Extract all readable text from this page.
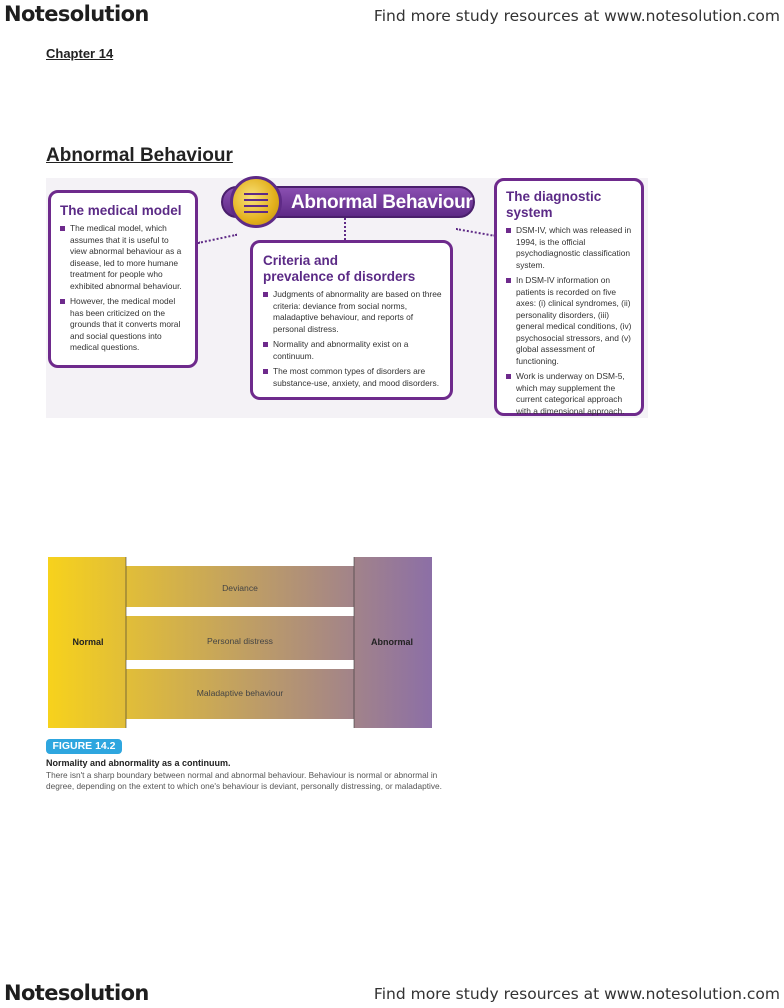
Notesolution	Find more study resources at www.notesolution.com
Chapter 14
Abnormal Behaviour
Abnormal Behaviour
The medical model
The medical model, which assumes that it is useful to view abnormal behaviour as a disease, led to more humane treatment for people who exhibited abnormal behaviour.
However, the medical model has been criticized on the grounds that it converts moral and social questions into medical questions.
Criteria and
prevalence of disorders
Judgments of abnormality are based on three criteria: deviance from social norms, maladaptive behaviour, and reports of personal distress.
Normality and abnormality exist on a continuum.
The most common types of disorders are substance-use, anxiety, and mood disorders.
The diagnostic system
DSM-IV, which was released in 1994, is the official psychodiagnostic classification system.
In DSM-IV information on patients is recorded on five axes: (i) clinical syndromes, (ii) personality disorders, (iii) general medical conditions, (iv) psychosocial stressors, and (v) global assessment of functioning.
Work is underway on DSM-5, which may supplement the current categorical approach with a dimensional approach.
Normal	Abnormal
Deviance
Personal distress
Maladaptive behaviour
FIGURE 14.2
Normality and abnormality as a continuum.
There isn't a sharp boundary between normal and abnormal behaviour. Behaviour is normal or abnormal in degree, depending on the extent to which one's behaviour is deviant, personally distressing, or maladaptive.
Notesolution	Find more study resources at www.notesolution.com
